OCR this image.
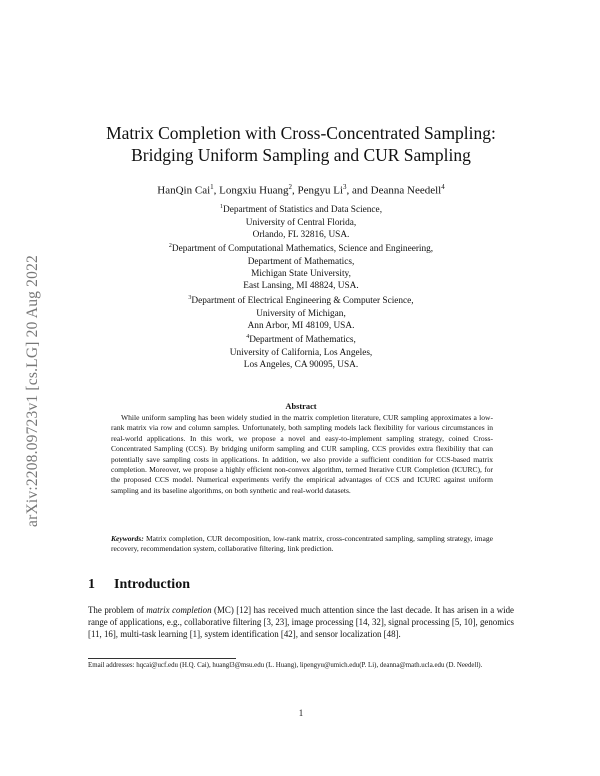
arXiv:2208.09723v1 [cs.LG] 20 Aug 2022
Matrix Completion with Cross-Concentrated Sampling:
Bridging Uniform Sampling and CUR Sampling
HanQin Cai$^1$, Longxiu Huang$^2$, Pengyu Li$^3$, and Deanna Needell$^4$
$^1$Department of Statistics and Data Science,
University of Central Florida,
Orlando, FL 32816, USA.
$^2$Department of Computational Mathematics, Science and Engineering,
Department of Mathematics,
Michigan State University,
East Lansing, MI 48824, USA.
$^3$Department of Electrical Engineering & Computer Science,
University of Michigan,
Ann Arbor, MI 48109, USA.
$^4$Department of Mathematics,
University of California, Los Angeles,
Los Angeles, CA 90095, USA.
Abstract

While uniform sampling has been widely studied in the matrix completion literature, CUR sampling approximates a low-rank matrix via row and column samples. Unfortunately, both sampling models lack flexibility for various circumstances in real-world applications. In this work, we propose a novel and easy-to-implement sampling strategy, coined Cross-Concentrated Sampling (CCS). By bridging uniform sampling and CUR sampling, CCS provides extra flexibility that can potentially save sampling costs in applications. In addition, we also provide a sufficient condition for CCS-based matrix completion. Moreover, we propose a highly efficient non-convex algorithm, termed Iterative CUR Completion (ICURC), for the proposed CCS model. Numerical experiments verify the empirical advantages of CCS and ICURC against uniform sampling and its baseline algorithms, on both synthetic and real-world datasets.

Keywords: Matrix completion, CUR decomposition, low-rank matrix, cross-concentrated sampling, sampling strategy, image recovery, recommendation system, collaborative filtering, link prediction.

1 Introduction

The problem of matrix completion (MC) [12] has received much attention since the last decade. It has arisen in a wide range of applications, e.g., collaborative filtering [3, 23], image processing [14, 32], signal processing [5, 10], genomics [11, 16], multi-task learning [1], system identification [42], and sensor localization [48].

Email addresses: hqcai@ucf.edu (H.Q. Cai), huangl3@msu.edu (L. Huang), lipengyu@umich.edu(P. Li), deanna@math.ucla.edu (D. Needell).

1
